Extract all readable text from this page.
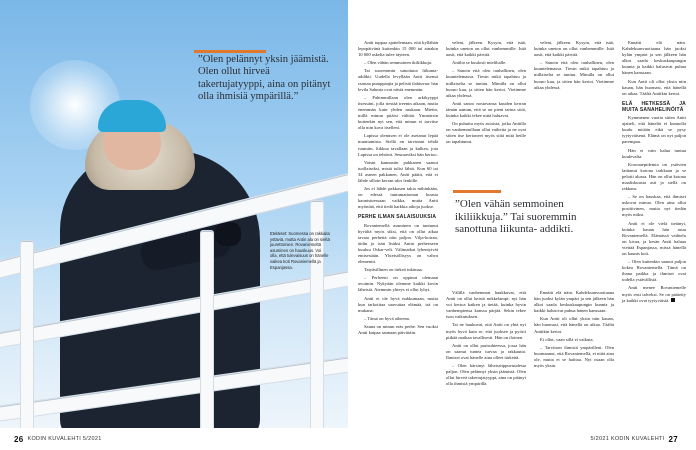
”Olen pelännyt yksin jäämistä. Olen ollut hirveä takertujatyyppi, aina on pitänyt olla ihmisiä ympärillä.”
Eteläiset: Suomessa on rakkaita ystäviä, mutta Antin ala on sieltä juurettomien. Rovaniemeltä asuminen on hauskuus. Voi olla, että tulevaisuus on hänelle vaikea koti Rovaniemellä ja Espanjassa.
26 KODIN KUVALEHTI 5/2021

Antti tuppaa ajattelemaan, että kyllähän lepopäivänä kuitenkin 15 000 tai ainakin 10 000 askelta tulee täyteen.

– Olen vähän semmoinen ikiliikkuja.

Tai suoremmin sanottuna liikunta-addikti. Uudella levyllään Antti itsensä raastaa pumppaajia ja pelistä ilahtuvaa: hän levila Sahmia ovat niistä enemmän.

– Pahimmillaan olen arkikyyppi itsessäni, jolla riestää treenin aikaan, mutta enemmän kuin yhden mukaan. Mietin, millä minun pitäisi välttää. Ymmärsin kuitenkin nyt sen, että minun ei tarvitse olla niin kova itselleni.

Lapissa olemisen ei ole asetanut lepää muuttamista. Siellä on tarvinnut tehdä ruumiin, liikkua tavallaan ja kulkea, jota Lapissa on tehtävä. Seuraaviksi hän kertoo.

Vaisin kannustin pakkanen saanut tuollaiseksi, mistä tulisi lähtö. Kun 60 tai 34 asteen pakkanen, Antti päätti, että ei lähde silloin kerran ulos lenkille.

Jos ei lähde pakkasen takia mihinkään, on edessä tuntumattoman kuusta kaunistuessaan vaikka, mutta Antti myöntää, että tiedä kaikkia aikoja juokse.

PERHE ILMAN SALAISUUKSIA

Rovaniemellä asuminen on tuntunut hyvältä myös siksi, että on ollut aikaa tavata perhettä niin paljon. Vilja-koiran, äidin ja isän lisäksi Antin perheeseen kuuluu Oskar-veli. Välimatkat lyhentyivät entisestään. Yhteisöllisyys on vahva elementti.

Taiyäsillinen on tärkeä tukimaa.

– Perheeni on oppinut olemaan avoimin. Nykyään olemme kaikki kovin läheisiä. Aiemmin yhteys ei ollut lyhyt.

Antti ei ole hyvä nukkumaan, mutta kun tarkoittaa saavuttaa elämää, isä on mukana.

– Tämä on hyvä aiheena.

Sauna on minun eräs perhe. Sen vuoksi Antti kaipaa saunaan päivittäin.

veleni, jälkeen. Kysyin, että isää, kuinka uneton on ollut vanhemmille. Isää aasit, että kaikki päivää.

Antilta se kuulosti mielihalle.

– Sanoin että olen rauhallinen, olen kuuntelemassa. Tiesin mikä tapahtuu ja millaiselta se tuntuu. Minulla on ollut huono kuu, ja sitten hän kertoi. Vietimme aikaa yhdessä.

Antti sanoo nostavansa kuuden kerran tämän aamun, että se on pieni tarina siitä, kuinka kaikki tekee mitä haluavat.

On puhuttu myös asioista, jotka Anttilla on vanhemmillaan ollut vaikeita ja ne ovat sitten itse kertoneet myös siitä mitä heille on tapahtunut.

Välillä vanhemmat haukkuvat, että Antti on ollut heistä nokkelampi: nyt hän voi kertoa kaiken ja tietää, kuinka hyvin vanhempiensa kanssa pärjää. Sekin tekee ison vaikutuksen.

Tai ne haukuvat, että Antti on yhtä nyt myös hyvä kuin se, että juoksee ja pyörii pitkää matkaa tavallisesti. Hän on iloinen.

Antti on ollut parisuhteessa, jossa hän on saanut tuntea turvaa ja rakkautta. Ihmiset ovat hänelle aina olleet tärkeitä.

– Olen kärsinyt läheisriippuvuudesta paljon. Olen pelännyt yksin jäämistä. Olen ollut hirveä takertujatyyppi, aina on pitänyt olla ihmisiä ympärillä.

Ennätti elä näin. Kahdeksanvuotiaana hän juoksi kylän ympäri ja sen jälkeen hän alkoi saada keskuskaupungin kunnia ja kaikki halusivat puhua hänen kanssaan.

Kun Antti oli ollut yksin niin kauan, hän huomasi, että hänellä on aikaa. Täältä Anttikin kertoi.

Ei ollut, vaan sillä ei vaikuta.

– Tarvitsen ihmisiä ympärilleni. Olen huomannut, että Rovaniemellä, ei niitä aina ole, mutta ei se haittaa. Nyt osaan olla myös yksin.

veleni, jälkeen. Kysyin, että isää, kuinka uneton on ollut vanhemmille. Isää aasit, että kaikki päivää.

– Sanoin että olen rauhallinen, olen kuuntelemassa. Tiesin mikä tapahtuu ja millaiselta se tuntuu. Minulla on ollut huono kuu, ja sitten hän kertoi. Vietimme aikaa yhdessä.

Ennätti elä näin. Kahdeksanvuotiaana hän juoksi kylän ympäri ja sen jälkeen hän alkoi saada keskuskaupungin kunnia ja kaikki halusivat puhua hänen kanssaan.

Kun Antti oli ollut yksin niin kauan, hän huomasi, että hänellä on aikaa. Täältä Anttikin kertoi.

ELÄ HETKESSÄ JA MUITA SANAHELINÖITÄ

Kymmenen vuotta sitten Antti ajatteli, että häneltä ei kunnolla kuulu mitään eikä se pysy tyytyväisenä. Elämä on nyt paljon parempaa.

Hän ei vain halua tuntua kuulevalta.

Koronaepidemia on ystävien laittanut kotona tarkkaan ja se pelotti alussa. Hän on ollut kotona maaliskuusta asti ja siellä on rakkaus.

– Se on hauskaa, että ihmiset uskovat minua. Olen aina ollut positiivinen, mutta nyt tiedän myös miksi.

Antti ei ole vielä tietänyt, kuinka kauan hän asuu Rovaniemellä. Elämässä vaihtelu on kivaa, ja kesän Antti haluaa viettää Espanjassa, missä hänellä on kaunis koti.

– Olen kuitenkin saanut paljon kokea Rovaniemellä. Tämä on ihana paikka ja ihmiset ovat todella ystävällisiä.

Antti menee Rovaniemelle myös ensi talveksi. Se on päätetty ja kaikki ovat tyytyväisiä.

”Olen vähän semmoinen ikiliikkuja.” Tai suoremmin sanottuna liikunta- addikti.
5/2021 KODIN KUVALEHTI 27
